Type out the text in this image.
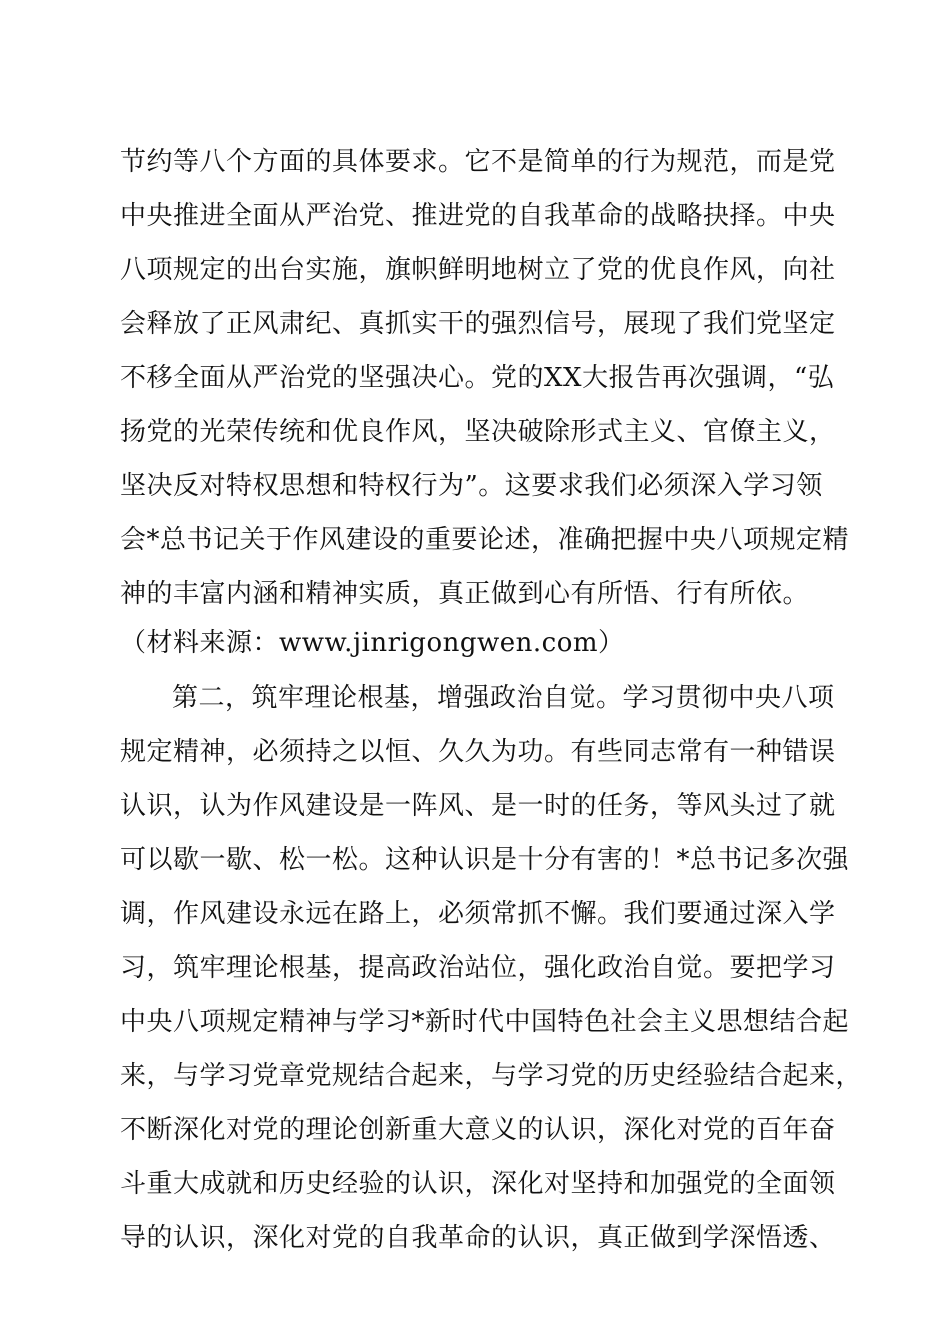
节约等八个方面的具体要求。它不是简单的行为规范，而是党
中央推进全面从严治党、推进党的自我革命的战略抉择。中央
八项规定的出台实施，旗帜鲜明地树立了党的优良作风，向社
会释放了正风肃纪、真抓实干的强烈信号，展现了我们党坚定
不移全面从严治党的坚强决心。党的XX大报告再次强调，“弘
扬党的光荣传统和优良作风，坚决破除形式主义、官僚主义，
坚决反对特权思想和特权行为”。这要求我们必须深入学习领
会*总书记关于作风建设的重要论述，准确把握中央八项规定精
神的丰富内涵和精神实质，真正做到心有所悟、行有所依。
（材料来源：www.jinrigongwen.com）
第二，筑牢理论根基，增强政治自觉。学习贯彻中央八项
规定精神，必须持之以恒、久久为功。有些同志常有一种错误
认识，认为作风建设是一阵风、是一时的任务，等风头过了就
可以歇一歇、松一松。这种认识是十分有害的！*总书记多次强
调，作风建设永远在路上，必须常抓不懈。我们要通过深入学
习，筑牢理论根基，提高政治站位，强化政治自觉。要把学习
中央八项规定精神与学习*新时代中国特色社会主义思想结合起
来，与学习党章党规结合起来，与学习党的历史经验结合起来，
不断深化对党的理论创新重大意义的认识，深化对党的百年奋
斗重大成就和历史经验的认识，深化对坚持和加强党的全面领
导的认识，深化对党的自我革命的认识，真正做到学深悟透、
